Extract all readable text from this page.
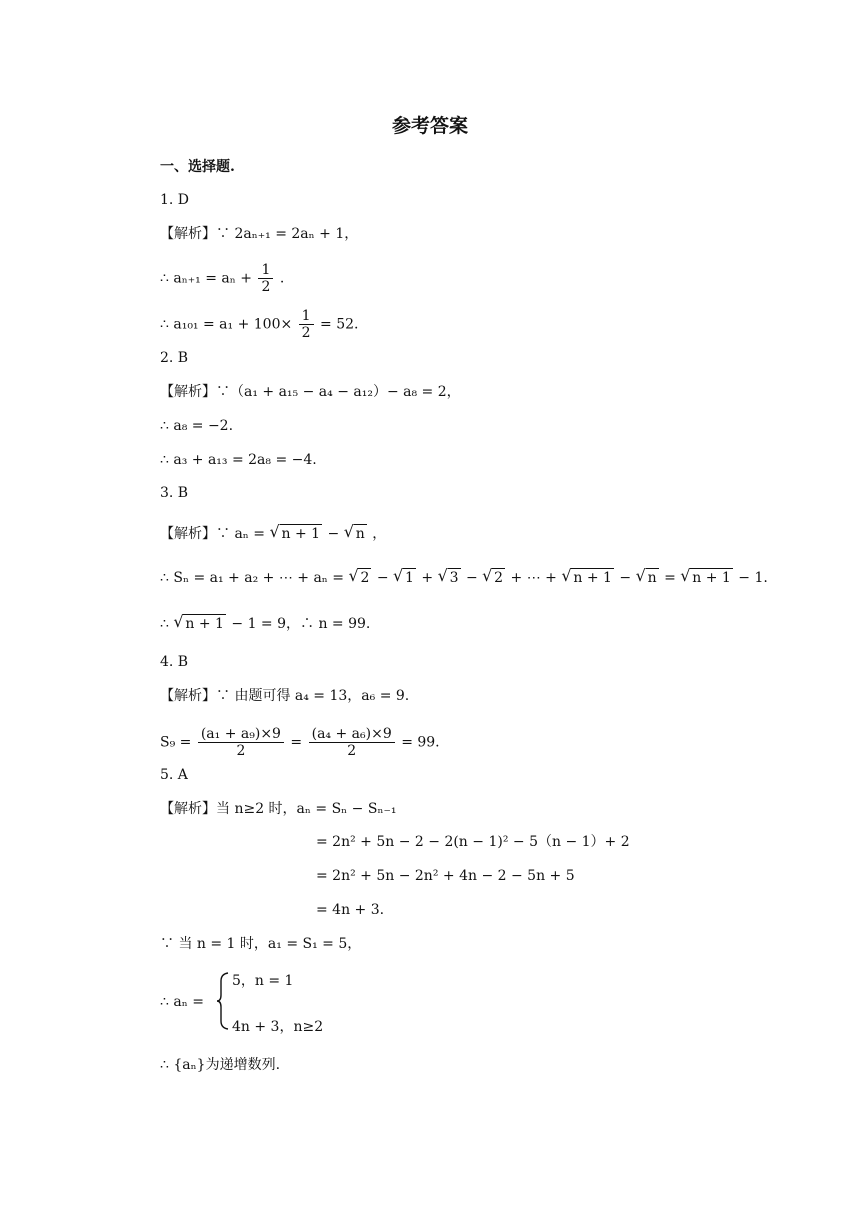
参考答案
一、选择题.
1. D
【解析】∵ 2aₙ₊₁ = 2aₙ + 1，
∴ $a_{n+1} = a_n + \frac{1}{2}$ .
∴ $a_{101} = a_1 + 100\times \frac{1}{2} = 52$.
2. B
【解析】∵（a₁ + a₁₅ − a₄ − a₁₂）− a₈ = 2，
∴ a₈ = −2.
∴ a₃ + a₁₃ = 2a₈ = −4.
3. B
【解析】∵ aₙ = √ n + 1 − √ n ，
∴ Sₙ = a₁ + a₂ + ⋯ + aₙ = √ 2 − √ 1 + √ 3 − √ 2 + ⋯ + √ n + 1 − √ n = √ n + 1 − 1.
∴ √ n + 1 − 1 = 9，∴ n = 99.
4. B
【解析】∵ 由题可得 a₄ = 13，a₆ = 9.
$S_9 = \frac{\text{(a₁ + a₉)×9}}{2} = \frac{\text{(a₄ + a₆)×9}}{2} = 99$.
5. A
【解析】当 n≥2 时，aₙ = Sₙ − Sₙ₋₁
= 2n² + 5n − 2 − 2(n − 1)² − 5（n − 1）+ 2
= 2n² + 5n − 2n² + 4n − 2 − 5n + 5
= 4n + 3.
∵ 当 n = 1 时，a₁ = S₁ = 5，
∴ aₙ =
5，n = 1
4n + 3，n≥2
∴ {aₙ}为递增数列.
